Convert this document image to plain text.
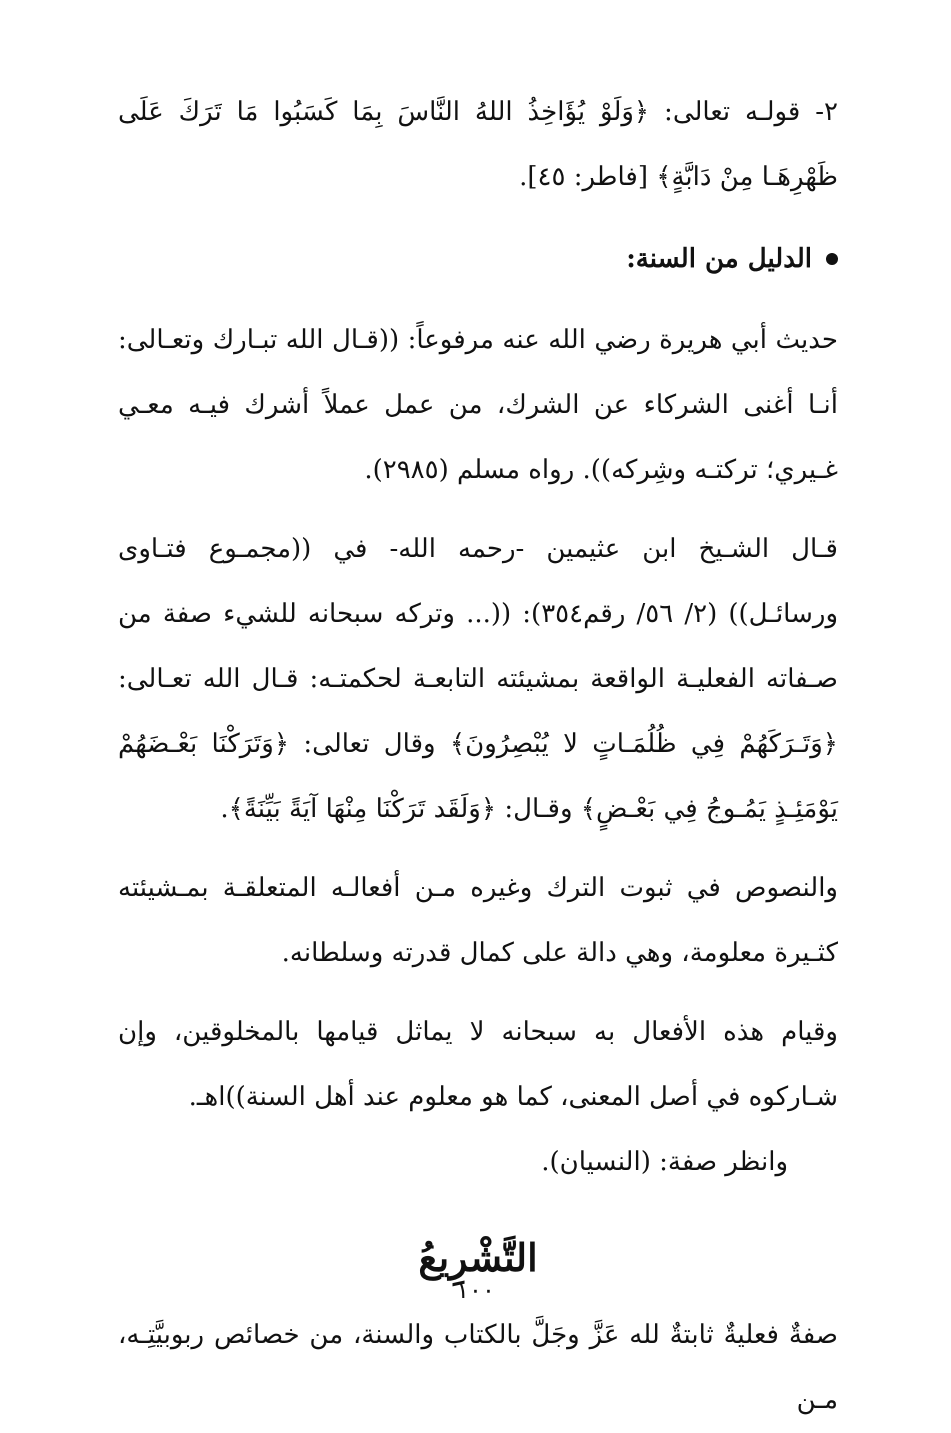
٢- قولـه تعالى: ﴿وَلَوْ يُؤَاخِذُ اللهُ النَّاسَ بِمَا كَسَبُوا مَا تَرَكَ عَلَى ظَهْرِهَـا مِنْ دَابَّةٍ﴾ [فاطر: ٤٥].

الدليل من السنة:

حديث أبي هريرة رضي الله عنه مرفوعاً: ((قـال الله تبـارك وتعـالى: أنـا أغنى الشركاء عن الشرك، من عمل عملاً أشرك فيـه معـي غـيري؛ تركتـه وشِركه)). رواه مسلم (٢٩٨٥).

قـال الشـيخ ابن عثيمين -رحمه الله- في ((مجمـوع فتـاوى ورسائـل)) (٢/ ٥٦/ رقم٣٥٤): ((... وتركه سبحانه للشيء صفة من صـفاته الفعليـة الواقعة بمشيئته التابعـة لحكمتـه: قـال الله تعـالى: ﴿وَتَـرَكَهُمْ فِي ظُلُمَـاتٍ لا يُبْصِرُونَ﴾ وقال تعالى: ﴿وَتَرَكْنَا بَعْـضَهُمْ يَوْمَئِـذٍ يَمُـوجُ فِي بَعْـضٍ﴾ وقـال: ﴿وَلَقَد تَرَكْنَا مِنْهَا آيَةً بَيِّنَةً﴾.

والنصوص في ثبوت الترك وغيره مـن أفعالـه المتعلقـة بمـشيئته كثـيرة معلومة، وهي دالة على كمال قدرته وسلطانه.

وقيام هذه الأفعال به سبحانه لا يماثل قيامها بالمخلوقين، وإن شـاركوه في أصل المعنى، كما هو معلوم عند أهل السنة))اهـ.

وانظر صفة: (النسيان).

التَّشْرِيعُ

صفةٌ فعليةٌ ثابتةٌ لله عَزَّ وجَلَّ بالكتاب والسنة، من خصائص ربوبيَّتِـه، مـن

١٠٠
